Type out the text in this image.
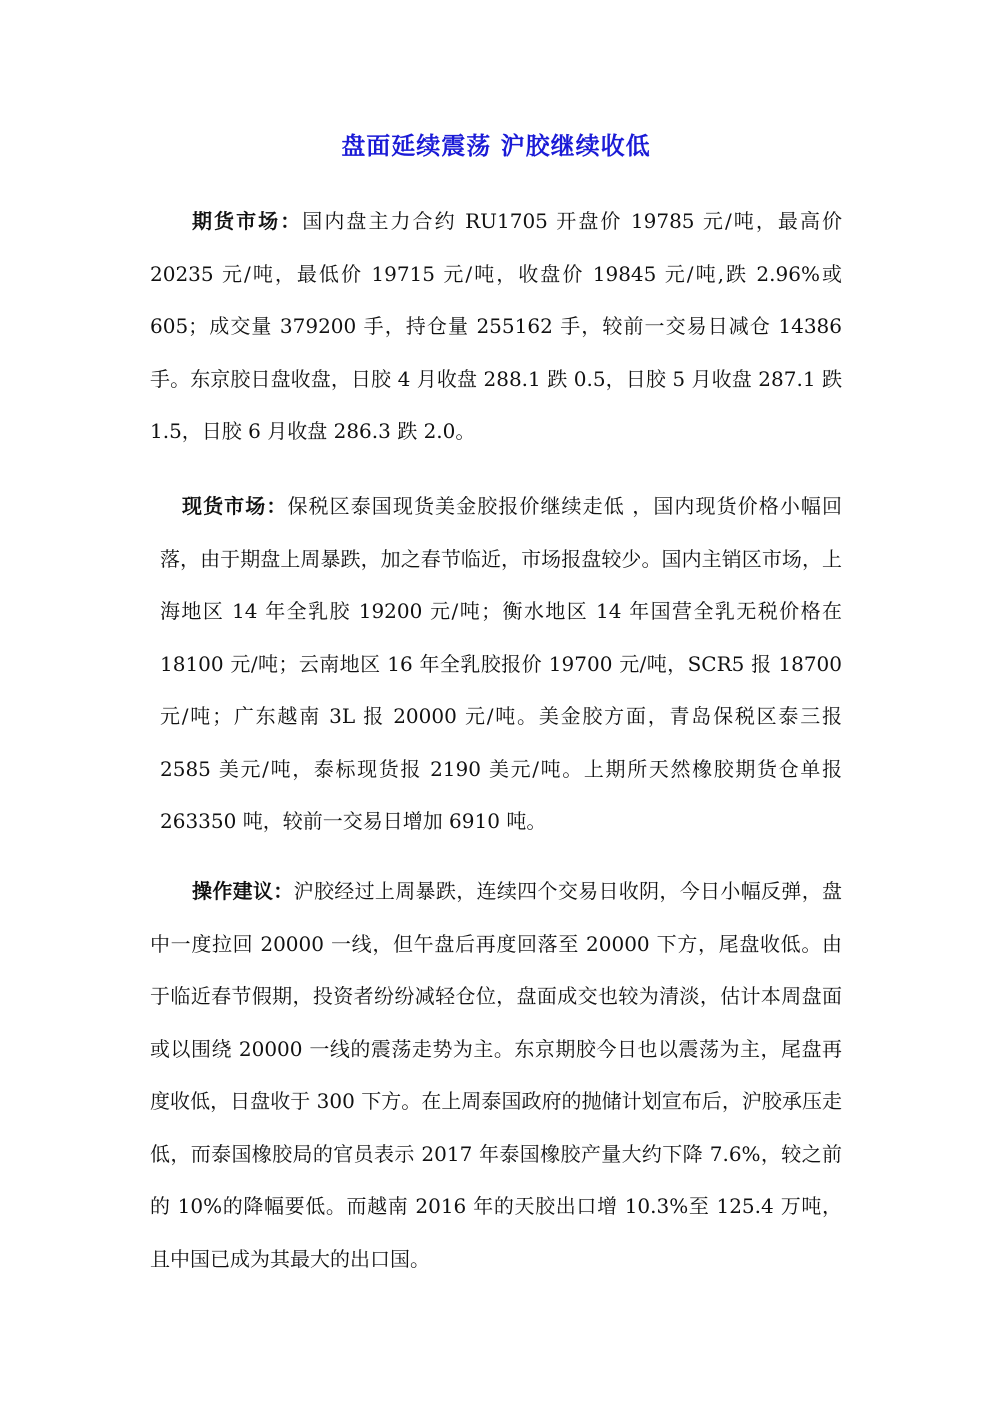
盘面延续震荡 沪胶继续收低

期货市场：国内盘主力合约 RU1705 开盘价 19785 元/吨，最高价 20235 元/吨，最低价 19715 元/吨，收盘价 19845 元/吨,跌 2.96%或 605；成交量 379200 手，持仓量 255162 手，较前一交易日减仓 14386 手。东京胶日盘收盘，日胶 4 月收盘 288.1 跌 0.5，日胶 5 月收盘 287.1 跌 1.5，日胶 6 月收盘 286.3 跌 2.0。

现货市场：保税区泰国现货美金胶报价继续走低 ，国内现货价格小幅回落，由于期盘上周暴跌，加之春节临近，市场报盘较少。国内主销区市场，上海地区 14 年全乳胶 19200 元/吨；衡水地区 14 年国营全乳无税价格在 18100 元/吨；云南地区 16 年全乳胶报价 19700 元/吨，SCR5 报 18700 元/吨；广东越南 3L 报 20000 元/吨。美金胶方面，青岛保税区泰三报 2585 美元/吨，泰标现货报 2190 美元/吨。上期所天然橡胶期货仓单报 263350 吨，较前一交易日增加 6910 吨。

操作建议：沪胶经过上周暴跌，连续四个交易日收阴，今日小幅反弹，盘中一度拉回 20000 一线，但午盘后再度回落至 20000 下方，尾盘收低。由于临近春节假期，投资者纷纷减轻仓位，盘面成交也较为清淡，估计本周盘面或以围绕 20000 一线的震荡走势为主。东京期胶今日也以震荡为主，尾盘再度收低，日盘收于 300 下方。在上周泰国政府的抛储计划宣布后，沪胶承压走低，而泰国橡胶局的官员表示 2017 年泰国橡胶产量大约下降 7.6%，较之前的 10%的降幅要低。而越南 2016 年的天胶出口增 10.3%至 125.4 万吨，且中国已成为其最大的出口国。
